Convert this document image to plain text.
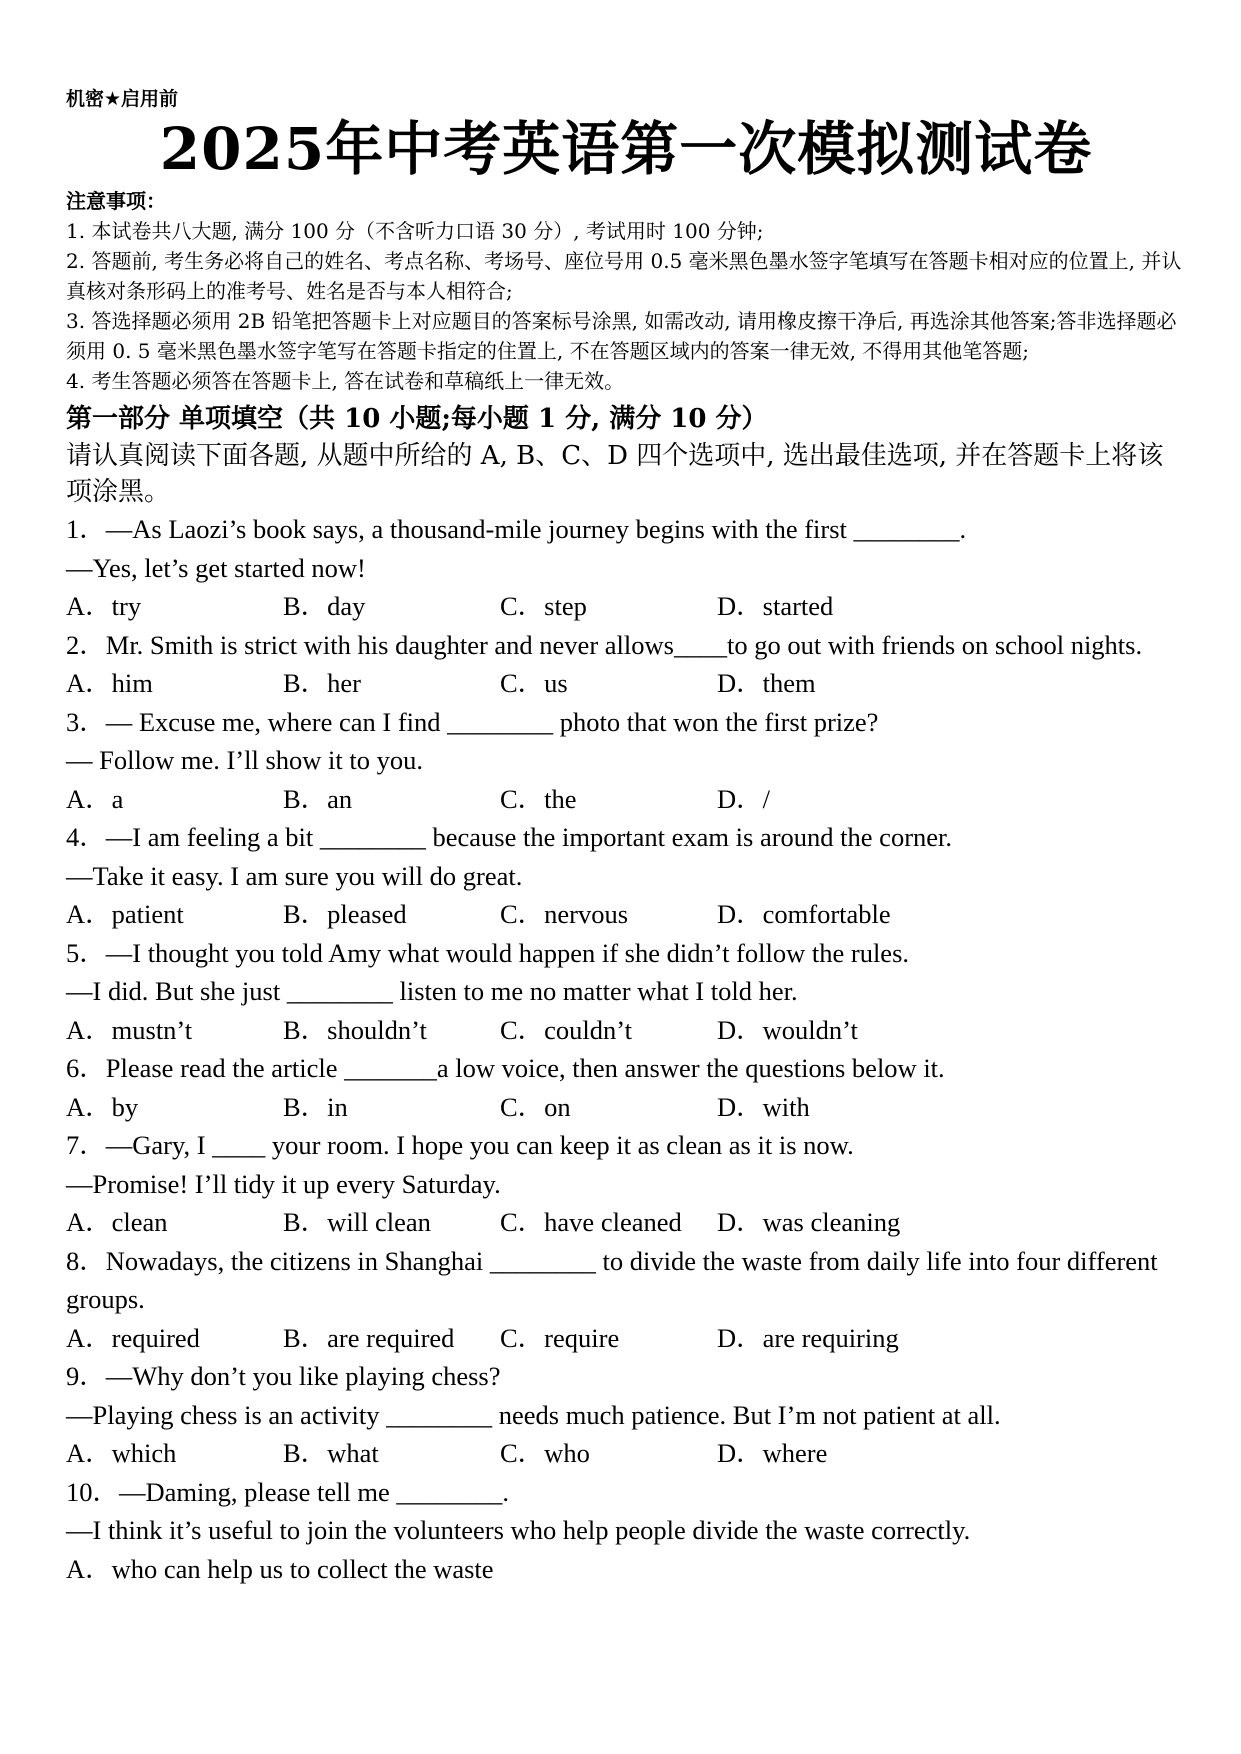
机密★启用前
2025年中考英语第一次模拟测试卷
注意事项：

1. 本试卷共八大题, 满分 100 分（不含听力口语 30 分）, 考试用时 100 分钟;

2. 答题前, 考生务必将自己的姓名、考点名称、考场号、座位号用 0.5 毫米黑色墨水签字笔填写在答题卡相对应的位置上, 并认真核对条形码上的准考号、姓名是否与本人相符合;

3. 答选择题必须用 2B 铅笔把答题卡上对应题目的答案标号涂黑, 如需改动, 请用橡皮擦干净后, 再选涂其他答案;答非选择题必须用 0. 5 毫米黑色墨水签字笔写在答题卡指定的住置上, 不在答题区域内的答案一律无效, 不得用其他笔答题;

4. 考生答题必须答在答题卡上, 答在试卷和草稿纸上一律无效。

第一部分 单项填空（共 10 小题;每小题 1 分, 满分 10 分）

请认真阅读下面各题, 从题中所给的 A, B、C、D 四个选项中, 选出最佳选项, 并在答题卡上将该项涂黑。

1．—As Laozi’s book says, a thousand-mile journey begins with the first ________.

—Yes, let’s get started now!

A．try	B．day	C．step	D．started

2．Mr. Smith is strict with his daughter and never allows____to go out with friends on school nights.

A．him	B．her	C．us	D．them

3．— Excuse me, where can I find ________ photo that won the first prize?

— Follow me. I’ll show it to you.

A．a	B．an	C．the	D．/

4．—I am feeling a bit ________ because the important exam is around the corner.

—Take it easy. I am sure you will do great.

A．patient	B．pleased	C．nervous	D．comfortable

5．—I thought you told Amy what would happen if she didn’t follow the rules.

—I did. But she just ________ listen to me no matter what I told her.

A．mustn’t	B．shouldn’t	C．couldn’t	D．wouldn’t

6．Please read the article _______a low voice, then answer the questions below it.

A．by	B．in	C．on	D．with

7．—Gary, I ____ your room. I hope you can keep it as clean as it is now.

—Promise! I’ll tidy it up every Saturday.

A．clean	B．will clean	C．have cleaned	D．was cleaning

8．Nowadays, the citizens in Shanghai ________ to divide the waste from daily life into four different groups.

A．required	B．are required	C．require	D．are requiring

9．—Why don’t you like playing chess?

—Playing chess is an activity ________ needs much patience. But I’m not patient at all.

A．which	B．what	C．who	D．where

10．—Daming, please tell me ________.

—I think it’s useful to join the volunteers who help people divide the waste correctly.

A．who can help us to collect the waste
